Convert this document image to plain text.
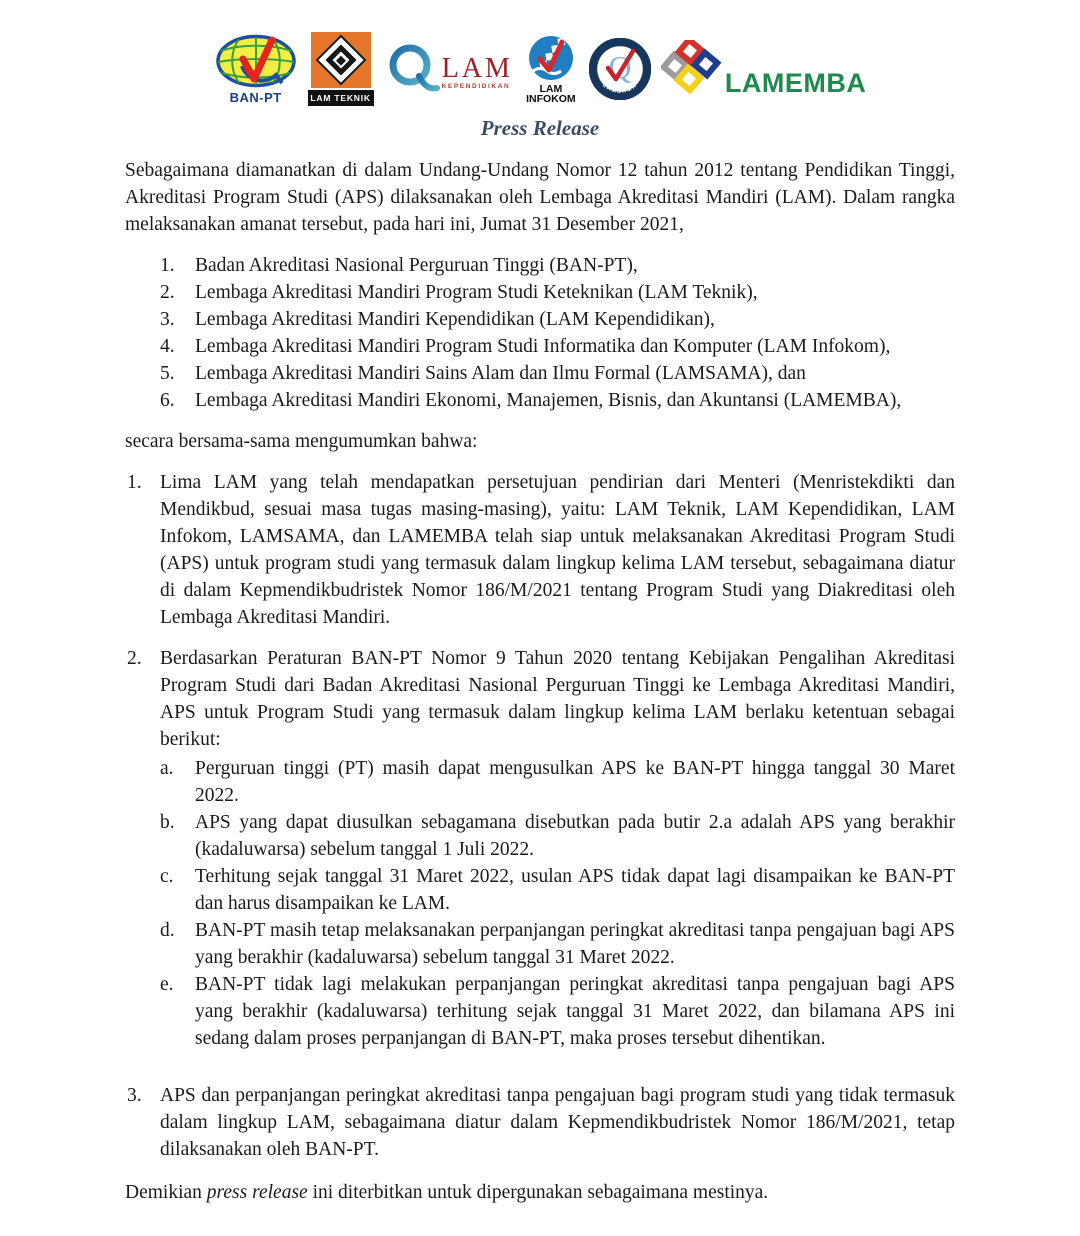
BAN-PT	LAM TEKNIK
LAM
KEPENDIDIKAN	LAM
INFOKOM
Q
LAMSAMA	LAMEMBA
Press Release

Sebagaimana diamanatkan di dalam Undang-Undang Nomor 12 tahun 2012 tentang Pendidikan Tinggi, Akreditasi Program Studi (APS) dilaksanakan oleh Lembaga Akreditasi Mandiri (LAM). Dalam rangka melaksanakan amanat tersebut, pada hari ini, Jumat 31 Desember 2021,

1.	Badan Akreditasi Nasional Perguruan Tinggi (BAN-PT),
2.	Lembaga Akreditasi Mandiri Program Studi Keteknikan (LAM Teknik),
3.	Lembaga Akreditasi Mandiri Kependidikan (LAM Kependidikan),
4.	Lembaga Akreditasi Mandiri Program Studi Informatika dan Komputer (LAM Infokom),
5.	Lembaga Akreditasi Mandiri Sains Alam dan Ilmu Formal (LAMSAMA), dan
6.	Lembaga Akreditasi Mandiri Ekonomi, Manajemen, Bisnis, dan Akuntansi (LAMEMBA),

secara bersama-sama mengumumkan bahwa:

1. Lima LAM yang telah mendapatkan persetujuan pendirian dari Menteri (Menristekdikti dan Mendikbud, sesuai masa tugas masing-masing), yaitu: LAM Teknik, LAM Kependidikan, LAM Infokom, LAMSAMA, dan LAMEMBA telah siap untuk melaksanakan Akreditasi Program Studi (APS) untuk program studi yang termasuk dalam lingkup kelima LAM tersebut, sebagaimana diatur di dalam Kepmendikbudristek Nomor 186/M/2021 tentang Program Studi yang Diakreditasi oleh Lembaga Akreditasi Mandiri.
2. Berdasarkan Peraturan BAN-PT Nomor 9 Tahun 2020 tentang Kebijakan Pengalihan Akreditasi Program Studi dari Badan Akreditasi Nasional Perguruan Tinggi ke Lembaga Akreditasi Mandiri, APS untuk Program Studi yang termasuk dalam lingkup kelima LAM berlaku ketentuan sebagai berikut:
a.	Perguruan tinggi (PT) masih dapat mengusulkan APS ke BAN-PT hingga tanggal 30 Maret 2022.
b.	APS yang dapat diusulkan sebagamana disebutkan pada butir 2.a adalah APS yang berakhir (kadaluwarsa) sebelum tanggal 1 Juli 2022.
c.	Terhitung sejak tanggal 31 Maret 2022, usulan APS tidak dapat lagi disampaikan ke BAN-PT dan harus disampaikan ke LAM.
d.	BAN-PT masih tetap melaksanakan perpanjangan peringkat akreditasi tanpa pengajuan bagi APS yang berakhir (kadaluwarsa) sebelum tanggal 31 Maret 2022.
e.	BAN-PT tidak lagi melakukan perpanjangan peringkat akreditasi tanpa pengajuan bagi APS yang berakhir (kadaluwarsa) terhitung sejak tanggal 31 Maret 2022, dan bilamana APS ini sedang dalam proses perpanjangan di BAN-PT, maka proses tersebut dihentikan.
3. APS dan perpanjangan peringkat akreditasi tanpa pengajuan bagi program studi yang tidak termasuk dalam lingkup LAM, sebagaimana diatur dalam Kepmendikbudristek Nomor 186/M/2021, tetap dilaksanakan oleh BAN-PT.

Demikian press release ini diterbitkan untuk dipergunakan sebagaimana mestinya.
